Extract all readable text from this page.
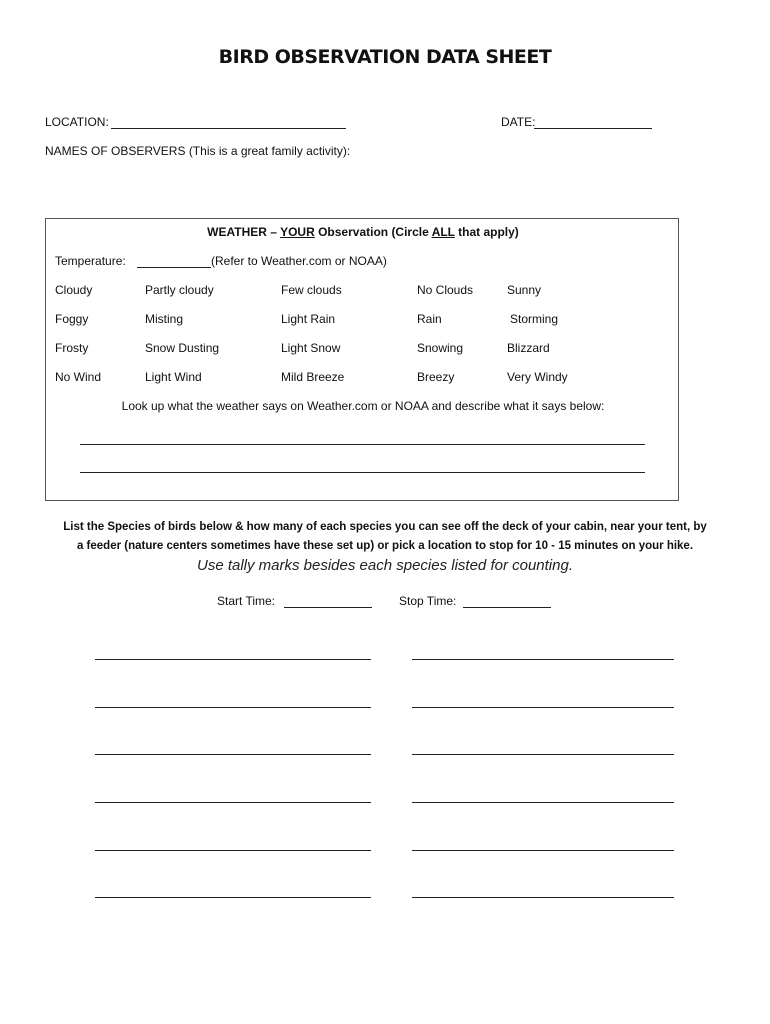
BIRD OBSERVATION DATA SHEET
LOCATION:	DATE:
NAMES OF OBSERVERS (This is a great family activity):
WEATHER – YOUR Observation (Circle ALL that apply)
Temperature:	(Refer to Weather.com or NOAA)
Cloudy	Partly cloudy	Few clouds	No Clouds	Sunny
Foggy	Misting	Light Rain	Rain	Storming
Frosty	Snow Dusting	Light Snow	Snowing	Blizzard
No Wind	Light Wind	Mild Breeze	Breezy	Very Windy
Look up what the weather says on Weather.com or NOAA and describe what it says below:
List the Species of birds below & how many of each species you can see off the deck of your cabin, near your tent, by
a feeder (nature centers sometimes have these set up) or pick a location to stop for 10 - 15 minutes on your hike.
Use tally marks besides each species listed for counting.
Start Time:	Stop Time:
